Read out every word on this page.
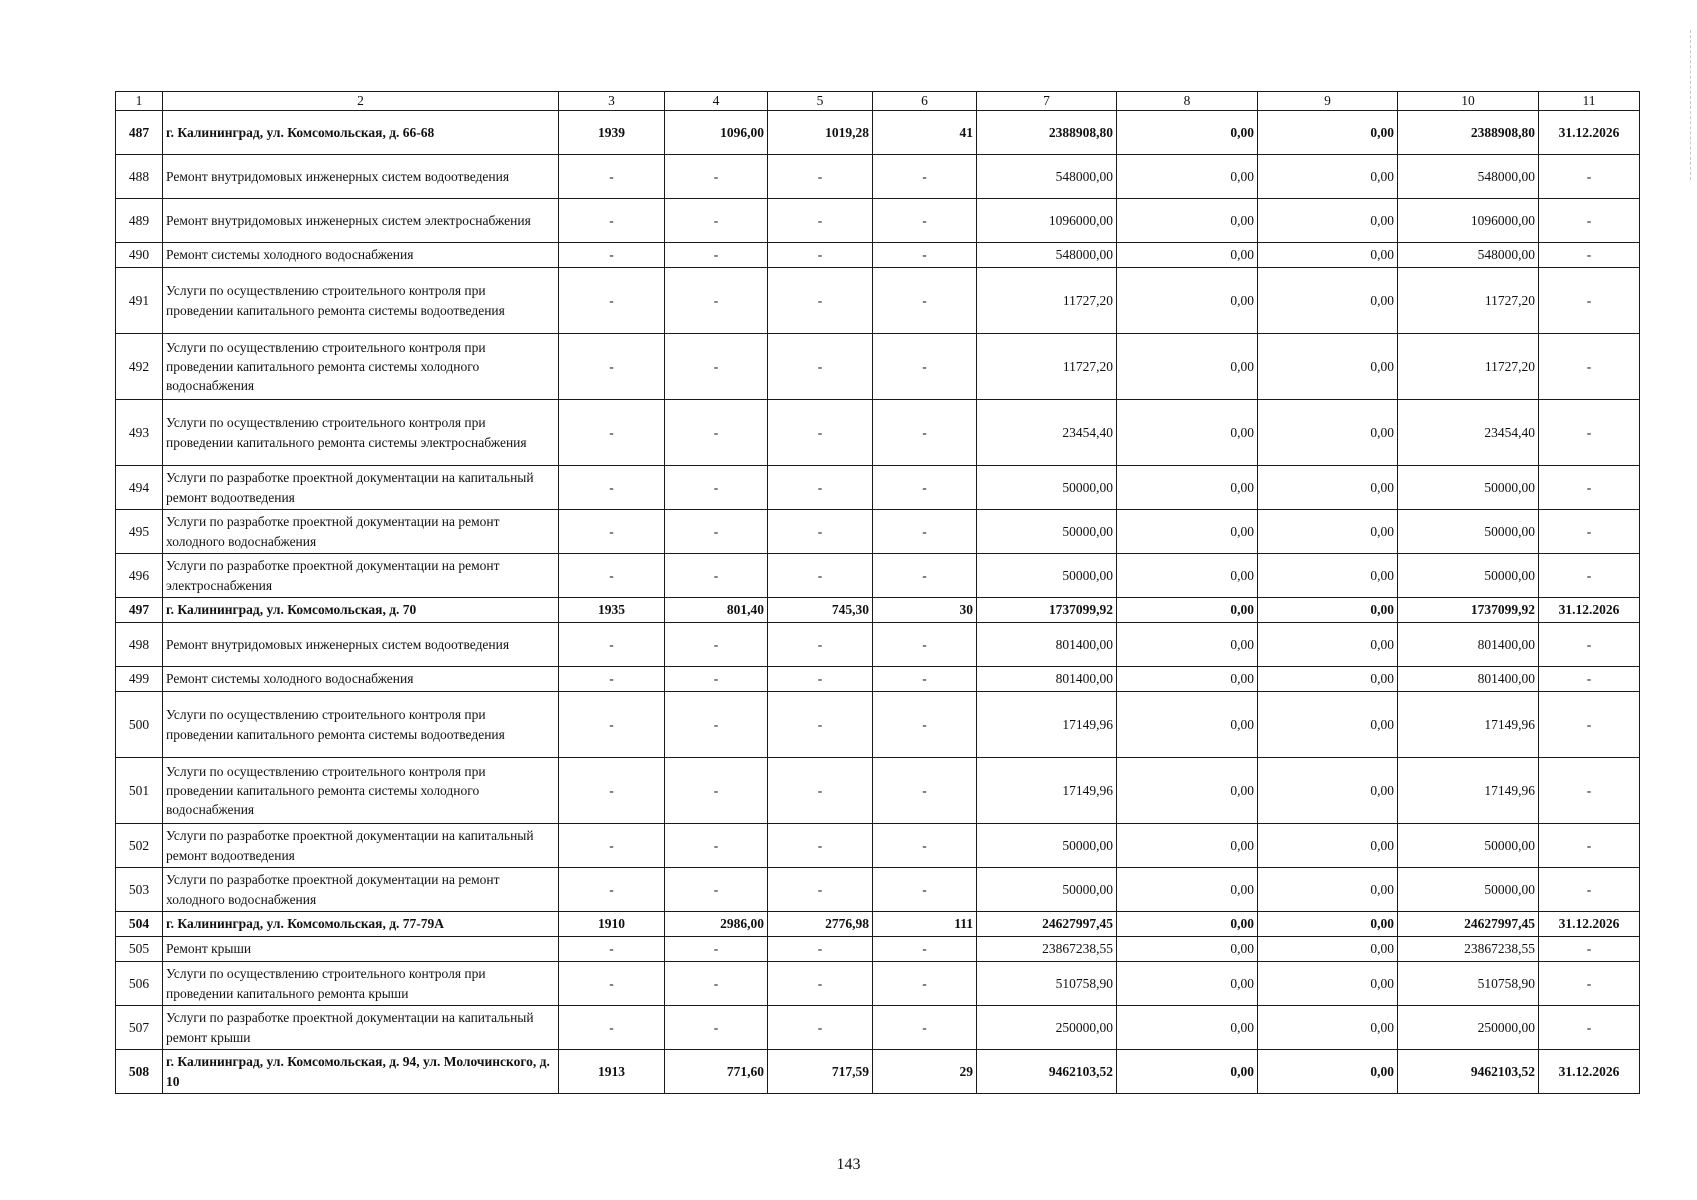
1	2	3	4	5	6	7	8	9	10	11
487	г. Калининград, ул. Комсомольская, д. 66-68	1939	1096,00	1019,28	41	2388908,80	0,00	0,00	2388908,80	31.12.2026
488	Ремонт внутридомовых инженерных систем водоотведения	-	-	-	-	548000,00	0,00	0,00	548000,00	-
489	Ремонт внутридомовых инженерных систем электроснабжения	-	-	-	-	1096000,00	0,00	0,00	1096000,00	-
490	Ремонт системы холодного водоснабжения	-	-	-	-	548000,00	0,00	0,00	548000,00	-
491	Услуги по осуществлению строительного контроля при проведении капитального ремонта системы водоотведения	-	-	-	-	11727,20	0,00	0,00	11727,20	-
492	Услуги по осуществлению строительного контроля при проведении капитального ремонта системы холодного водоснабжения	-	-	-	-	11727,20	0,00	0,00	11727,20	-
493	Услуги по осуществлению строительного контроля при проведении капитального ремонта системы электроснабжения	-	-	-	-	23454,40	0,00	0,00	23454,40	-
494	Услуги по разработке проектной документации на капитальный ремонт водоотведения	-	-	-	-	50000,00	0,00	0,00	50000,00	-
495	Услуги по разработке проектной документации на ремонт холодного водоснабжения	-	-	-	-	50000,00	0,00	0,00	50000,00	-
496	Услуги по разработке проектной документации на ремонт электроснабжения	-	-	-	-	50000,00	0,00	0,00	50000,00	-
497	г. Калининград, ул. Комсомольская, д. 70	1935	801,40	745,30	30	1737099,92	0,00	0,00	1737099,92	31.12.2026
498	Ремонт внутридомовых инженерных систем водоотведения	-	-	-	-	801400,00	0,00	0,00	801400,00	-
499	Ремонт системы холодного водоснабжения	-	-	-	-	801400,00	0,00	0,00	801400,00	-
500	Услуги по осуществлению строительного контроля при проведении капитального ремонта системы водоотведения	-	-	-	-	17149,96	0,00	0,00	17149,96	-
501	Услуги по осуществлению строительного контроля при проведении капитального ремонта системы холодного водоснабжения	-	-	-	-	17149,96	0,00	0,00	17149,96	-
502	Услуги по разработке проектной документации на капитальный ремонт водоотведения	-	-	-	-	50000,00	0,00	0,00	50000,00	-
503	Услуги по разработке проектной документации на ремонт холодного водоснабжения	-	-	-	-	50000,00	0,00	0,00	50000,00	-
504	г. Калининград, ул. Комсомольская, д. 77-79А	1910	2986,00	2776,98	111	24627997,45	0,00	0,00	24627997,45	31.12.2026
505	Ремонт крыши	-	-	-	-	23867238,55	0,00	0,00	23867238,55	-
506	Услуги по осуществлению строительного контроля при проведении капитального ремонта крыши	-	-	-	-	510758,90	0,00	0,00	510758,90	-
507	Услуги по разработке проектной документации на капитальный ремонт крыши	-	-	-	-	250000,00	0,00	0,00	250000,00	-
508	г. Калининград, ул. Комсомольская, д. 94, ул. Молочинского, д. 10	1913	771,60	717,59	29	9462103,52	0,00	0,00	9462103,52	31.12.2026
143
